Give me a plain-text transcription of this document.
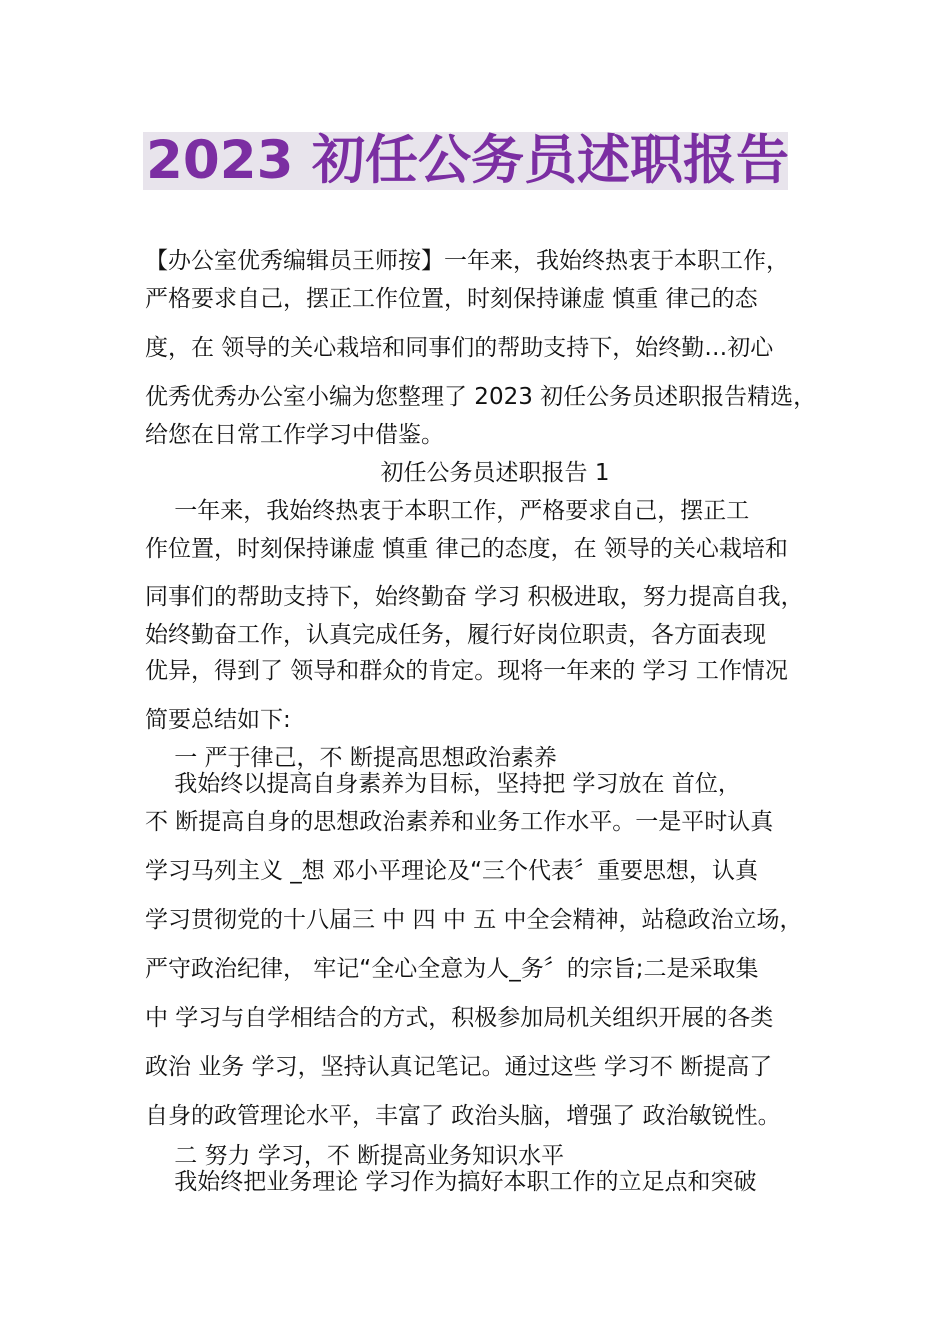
2023 初任公务员述职报告
【办公室优秀编辑员王师按】一年来，我始终热衷于本职工作，
严格要求自己，摆正工作位置，时刻保持谦虚 慎重 律己的态
度，在 领导的关心栽培和同事们的帮助支持下，始终勤…初心
优秀优秀办公室小编为您整理了 2023 初任公务员述职报告精选，
给您在日常工作学习中借鉴。
初任公务员述职报告 1
一年来，我始终热衷于本职工作，严格要求自己，摆正工
作位置，时刻保持谦虚 慎重 律己的态度，在 领导的关心栽培和
同事们的帮助支持下，始终勤奋 学习 积极进取，努力提高自我，
始终勤奋工作，认真完成任务，履行好岗位职责，各方面表现
优异，得到了 领导和群众的肯定。现将一年来的 学习 工作情况
简要总结如下:
一 严于律己，不 断提高思想政治素养
我始终以提高自身素养为目标，坚持把 学习放在 首位，
不 断提高自身的思想政治素养和业务工作水平。一是平时认真
学习马列主义 _想 邓小平理论及“三个代表〞重要思想，认真
学习贯彻党的十八届三 中 四 中 五 中全会精神，站稳政治立场，
严守政治纪律， 牢记“全心全意为人_务〞的宗旨;二是采取集
中 学习与自学相结合的方式，积极参加局机关组织开展的各类
政治 业务 学习，坚持认真记笔记。通过这些 学习不 断提高了
自身的政管理论水平，丰富了 政治头脑，增强了 政治敏锐性。
二 努力 学习，不 断提高业务知识水平
我始终把业务理论 学习作为搞好本职工作的立足点和突破
